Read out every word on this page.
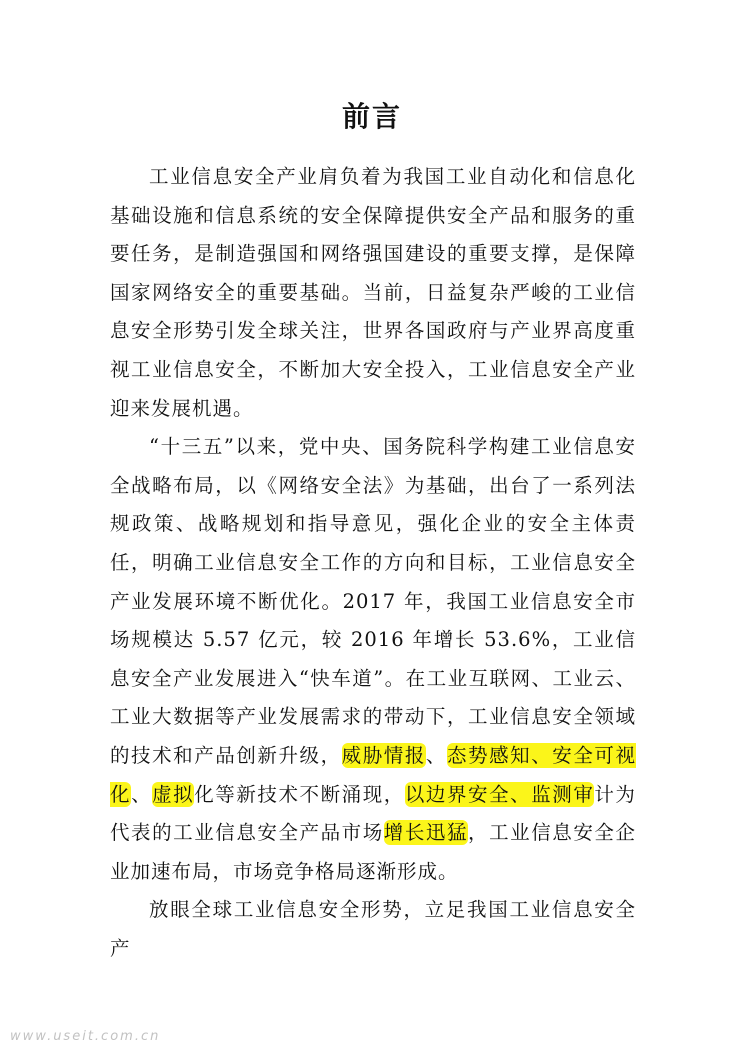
前言

工业信息安全产业肩负着为我国工业自动化和信息化基础设施和信息系统的安全保障提供安全产品和服务的重要任务，是制造强国和网络强国建设的重要支撑，是保障国家网络安全的重要基础。当前，日益复杂严峻的工业信息安全形势引发全球关注，世界各国政府与产业界高度重视工业信息安全，不断加大安全投入，工业信息安全产业迎来发展机遇。

“十三五”以来，党中央、国务院科学构建工业信息安全战略布局，以《网络安全法》为基础，出台了一系列法规政策、战略规划和指导意见，强化企业的安全主体责任，明确工业信息安全工作的方向和目标，工业信息安全产业发展环境不断优化。2017 年，我国工业信息安全市场规模达 5.57 亿元，较 2016 年增长 53.6%，工业信息安全产业发展进入“快车道”。在工业互联网、工业云、工业大数据等产业发展需求的带动下，工业信息安全领域的技术和产品创新升级，威胁情报、态势感知、安全可视化、虚拟化等新技术不断涌现，以边界安全、监测审计为代表的工业信息安全产品市场增长迅猛，工业信息安全企业加速布局，市场竞争格局逐渐形成。

放眼全球工业信息安全形势，立足我国工业信息安全产

www.useit.com.cn
